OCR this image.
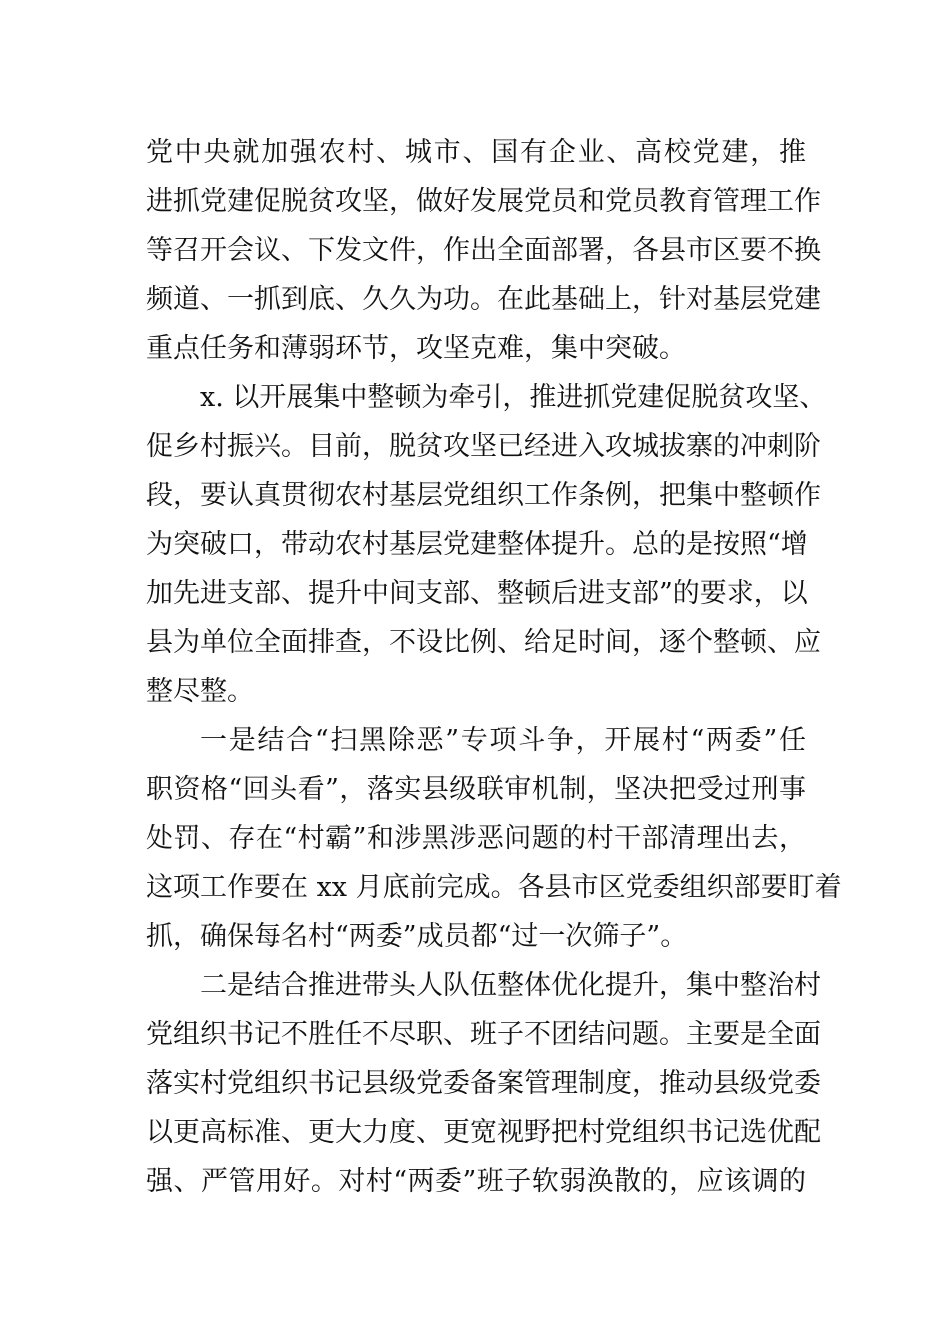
党中央就加强农村、城市、国有企业、高校党建，推
进抓党建促脱贫攻坚，做好发展党员和党员教育管理工作
等召开会议、下发文件，作出全面部署，各县市区要不换
频道、一抓到底、久久为功。在此基础上，针对基层党建
重点任务和薄弱环节，攻坚克难，集中突破。

x. 以开展集中整顿为牵引，推进抓党建促脱贫攻坚、
促乡村振兴。目前，脱贫攻坚已经进入攻城拔寨的冲刺阶
段，要认真贯彻农村基层党组织工作条例，把集中整顿作
为突破口，带动农村基层党建整体提升。总的是按照“增
加先进支部、提升中间支部、整顿后进支部”的要求，以
县为单位全面排查，不设比例、给足时间，逐个整顿、应
整尽整。

一是结合“扫黑除恶”专项斗争，开展村“两委”任
职资格“回头看”，落实县级联审机制，坚决把受过刑事
处罚、存在“村霸”和涉黑涉恶问题的村干部清理出去，
这项工作要在 xx 月底前完成。各县市区党委组织部要盯着
抓，确保每名村“两委”成员都“过一次筛子”。

二是结合推进带头人队伍整体优化提升，集中整治村
党组织书记不胜任不尽职、班子不团结问题。主要是全面
落实村党组织书记县级党委备案管理制度，推动县级党委
以更高标准、更大力度、更宽视野把村党组织书记选优配
强、严管用好。对村“两委”班子软弱涣散的，应该调的
